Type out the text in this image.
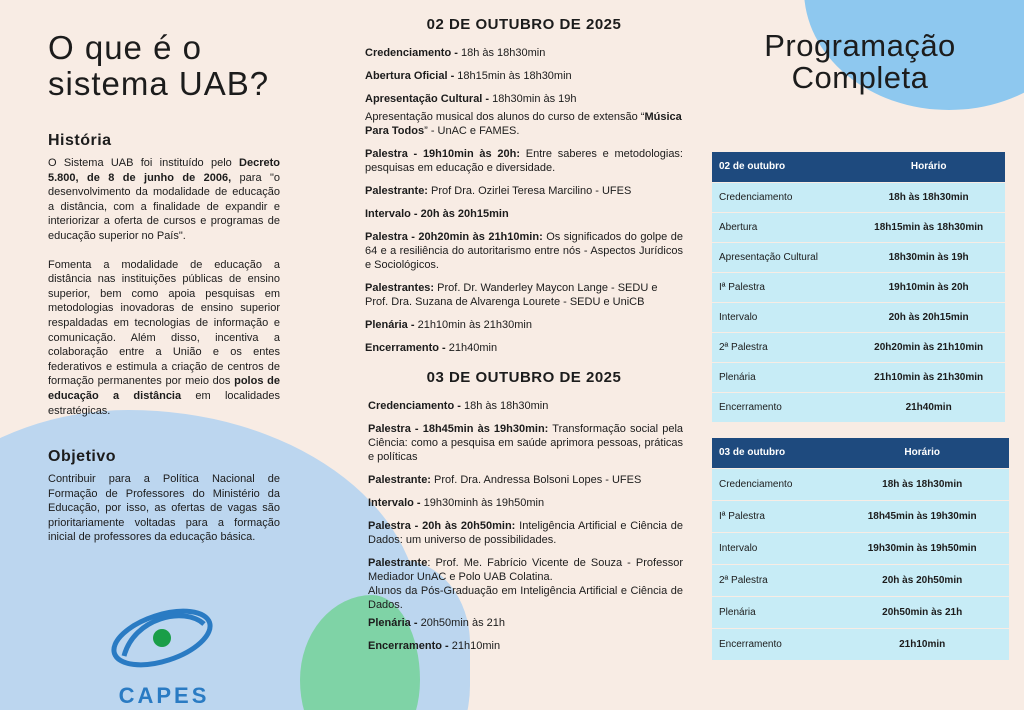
O que é o sistema UAB?
História

O Sistema UAB foi instituído pelo Decreto 5.800, de 8 de junho de 2006, para "o desenvolvimento da modalidade de educação a distância, com a finalidade de expandir e interiorizar a oferta de cursos e programas de educação superior no País".

Fomenta a modalidade de educação a distância nas instituições públicas de ensino superior, bem como apoia pesquisas em metodologias inovadoras de ensino superior respaldadas em tecnologias de informação e comunicação. Além disso, incentiva a colaboração entre a União e os entes federativos e estimula a criação de centros de formação permanentes por meio dos polos de educação a distância em localidades estratégicas.

Objetivo

Contribuir para a Política Nacional de Formação de Professores do Ministério da Educação, por isso, as ofertas de vagas são prioritariamente voltadas para a formação inicial de professores da educação básica.

CAPES
02 DE OUTUBRO DE 2025
Credenciamento - 18h às 18h30min
Abertura Oficial - 18h15min às 18h30min
Apresentação Cultural - 18h30min às 19h
Apresentação musical dos alunos do curso de extensão “Música Para Todos” - UnAC e FAMES.
Palestra - 19h10min às 20h: Entre saberes e metodologias: pesquisas em educação e diversidade.
Palestrante: Prof Dra. Ozirlei Teresa Marcilino - UFES
Intervalo - 20h às 20h15min
Palestra - 20h20min às 21h10min: Os significados do golpe de 64 e a resiliência do autoritarismo entre nós - Aspectos Jurídicos e Sociológicos.
Palestrantes: Prof. Dr. Wanderley Maycon Lange - SEDU e Prof. Dra. Suzana de Alvarenga Lourete - SEDU e UniCB
Plenária - 21h10min às 21h30min
Encerramento - 21h40min
03 DE OUTUBRO DE 2025
Credenciamento - 18h às 18h30min
Palestra - 18h45min às 19h30min: Transformação social pela Ciência: como a pesquisa em saúde aprimora pessoas, práticas e políticas
Palestrante: Prof. Dra. Andressa Bolsoni Lopes - UFES
Intervalo - 19h30minh às 19h50min
Palestra - 20h às 20h50min: Inteligência Artificial e Ciência de Dados: um universo de possibilidades.
Palestrante: Prof. Me. Fabrício Vicente de Souza - Professor Mediador UnAC e Polo UAB Colatina.
Alunos da Pós-Graduação em Inteligência Artificial e Ciência de Dados.
Plenária - 20h50min às 21h
Encerramento - 21h10min
Programação
Completa
02 de outubro	Horário
Credenciamento	18h às 18h30min
Abertura	18h15min às 18h30min
Apresentação Cultural	18h30min às 19h
Iª Palestra	19h10min às 20h
Intervalo	20h às 20h15min
2ª Palestra	20h20min às 21h10min
Plenária	21h10min às 21h30min
Encerramento	21h40min
03 de outubro	Horário
Credenciamento	18h às 18h30min
Iª Palestra	18h45min às 19h30min
Intervalo	19h30min às 19h50min
2ª Palestra	20h às 20h50min
Plenária	20h50min às 21h
Encerramento	21h10min
